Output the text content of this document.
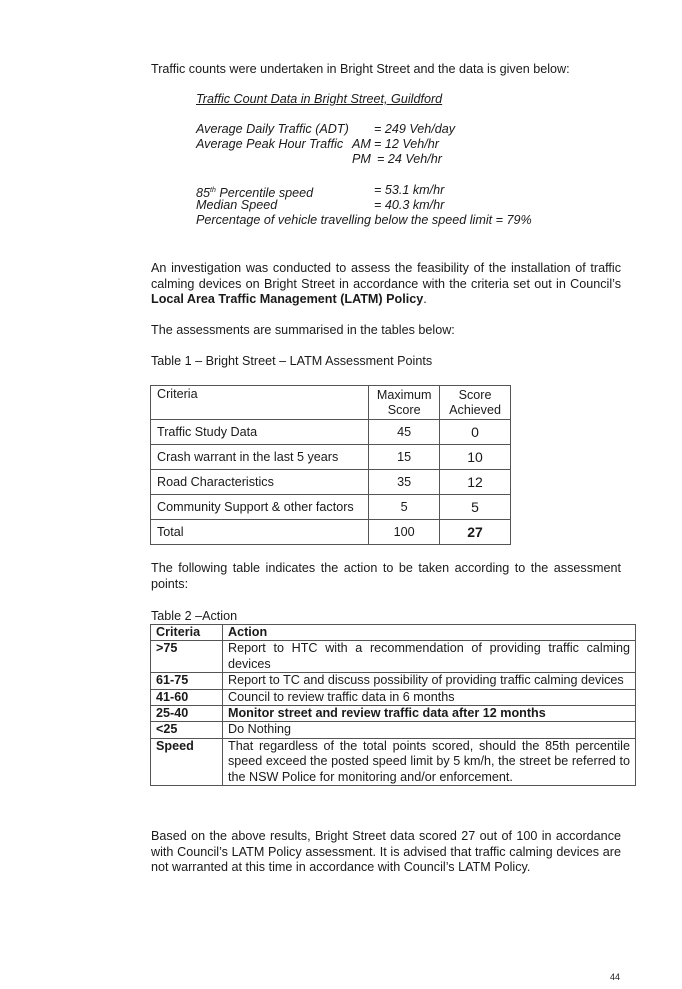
Traffic counts were undertaken in Bright Street and the data is given below:

Traffic Count Data in Bright Street, Guildford
Average Daily Traffic (ADT) = 249 Veh/day
Average Peak Hour Traffic AM = 12 Veh/hr
PM = 24 Veh/hr
85th Percentile speed	= 53.1 km/hr
Median Speed	= 40.3 km/hr
Percentage of vehicle travelling below the speed limit = 79%

An investigation was conducted to assess the feasibility of the installation of traffic calming devices on Bright Street in accordance with the criteria set out in Council’s Local Area Traffic Management (LATM) Policy.

The assessments are summarised in the tables below:

Table 1 – Bright Street – LATM Assessment Points

Criteria	Maximum Score	Score Achieved
Traffic Study Data	45	0
Crash warrant in the last 5 years	15	10
Road Characteristics	35	12
Community Support & other factors	5	5
Total	100	27

The following table indicates the action to be taken according to the assessment points:

Table 2 –Action

Criteria	Action
>75	Report to HTC with a recommendation of providing traffic calming devices
61-75	Report to TC and discuss possibility of providing traffic calming devices
41-60	Council to review traffic data in 6 months
25-40	Monitor street and review traffic data after 12 months
<25	Do Nothing
Speed	That regardless of the total points scored, should the 85th percentile speed exceed the posted speed limit by 5 km/h, the street be referred to the NSW Police for monitoring and/or enforcement.

Based on the above results, Bright Street data scored 27 out of 100 in accordance with Council’s LATM Policy assessment. It is advised that traffic calming devices are not warranted at this time in accordance with Council’s LATM Policy.

44
